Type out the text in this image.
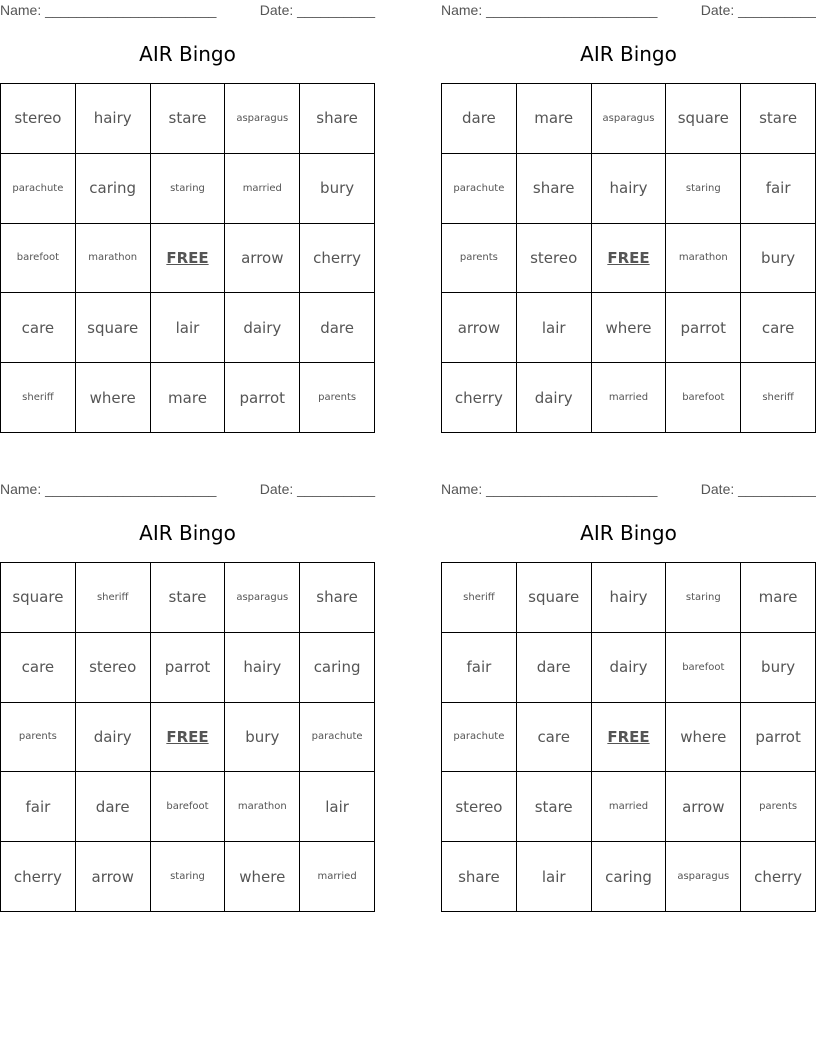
Name: ______________________	Date: __________
AIR Bingo
stereo	hairy	stare	asparagus	share
parachute	caring	staring	married	bury
barefoot	marathon	FREE	arrow	cherry
care	square	lair	dairy	dare
sheriff	where	mare	parrot	parents
Name: ______________________	Date: __________
AIR Bingo
dare	mare	asparagus	square	stare
parachute	share	hairy	staring	fair
parents	stereo	FREE	marathon	bury
arrow	lair	where	parrot	care
cherry	dairy	married	barefoot	sheriff
Name: ______________________	Date: __________
AIR Bingo
square	sheriff	stare	asparagus	share
care	stereo	parrot	hairy	caring
parents	dairy	FREE	bury	parachute
fair	dare	barefoot	marathon	lair
cherry	arrow	staring	where	married
Name: ______________________	Date: __________
AIR Bingo
sheriff	square	hairy	staring	mare
fair	dare	dairy	barefoot	bury
parachute	care	FREE	where	parrot
stereo	stare	married	arrow	parents
share	lair	caring	asparagus	cherry
